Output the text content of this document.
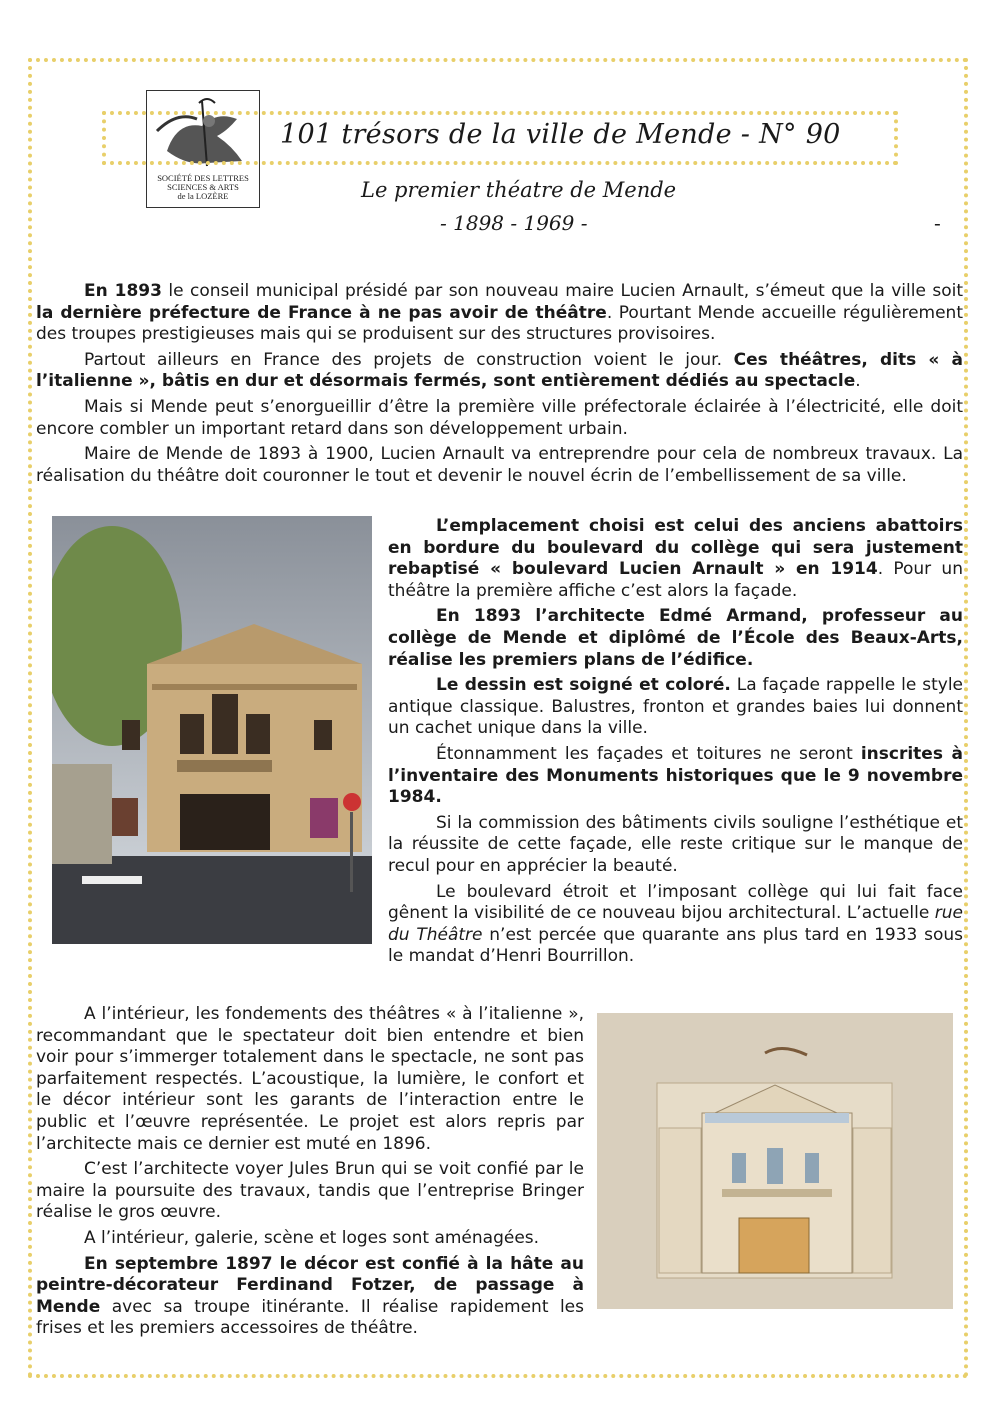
SOCIÉTÉ DES LETTRES
SCIENCES & ARTS
de la LOZÈRE
101 trésors de la ville de Mende - N° 90
Le premier théatre de Mende
- 1898 - 1969 -	-

En 1893 le conseil municipal présidé par son nouveau maire Lucien Arnault, s’émeut que la ville soit la dernière préfecture de France à ne pas avoir de théâtre. Pourtant Mende accueille régulièrement des troupes prestigieuses mais qui se produisent sur des structures provisoires.

Partout ailleurs en France des projets de construction voient le jour. Ces théâtres, dits « à l’italienne », bâtis en dur et désormais fermés, sont entièrement dédiés au spectacle.

Mais si Mende peut s’enorgueillir d’être la première ville préfectorale éclairée à l’électricité, elle doit encore combler un important retard dans son développement urbain.

Maire de Mende de 1893 à 1900, Lucien Arnault va entreprendre pour cela de nombreux travaux. La réalisation du théâtre doit couronner le tout et devenir le nouvel écrin de l’embellissement de sa ville.

L’emplacement choisi est celui des anciens abattoirs en bordure du boulevard du collège qui sera justement rebaptisé « boulevard Lucien Arnault » en 1914. Pour un théâtre la première affiche c’est alors la façade.

En 1893 l’architecte Edmé Armand, professeur au collège de Mende et diplômé de l’École des Beaux-Arts, réalise les premiers plans de l’édifice.

Le dessin est soigné et coloré. La façade rappelle le style antique classique. Balustres, fronton et grandes baies lui donnent un cachet unique dans la ville.

Étonnamment les façades et toitures ne seront inscrites à l’inventaire des Monuments historiques que le 9 novembre 1984.

Si la commission des bâtiments civils souligne l’esthétique et la réussite de cette façade, elle reste critique sur le manque de recul pour en apprécier la beauté.

Le boulevard étroit et l’imposant collège qui lui fait face gênent la visibilité de ce nouveau bijou architectural. L’actuelle rue du Théâtre n’est percée que quarante ans plus tard en 1933 sous le mandat d’Henri Bourrillon.

A l’intérieur, les fondements des théâtres « à l’italienne », recommandant que le spectateur doit bien entendre et bien voir pour s’immerger totalement dans le spectacle, ne sont pas parfaitement respectés. L’acoustique, la lumière, le confort et le décor intérieur sont les garants de l’interaction entre le public et l’œuvre représentée. Le projet est alors repris par l’architecte mais ce dernier est muté en 1896.

C’est l’architecte voyer Jules Brun qui se voit confié par le maire la poursuite des travaux, tandis que l’entreprise Bringer réalise le gros œuvre.

A l’intérieur, galerie, scène et loges sont aménagées.

En septembre 1897 le décor est confié à la hâte au peintre-décorateur Ferdinand Fotzer, de passage à Mende avec sa troupe itinérante. Il réalise rapidement les frises et les premiers accessoires de théâtre.
